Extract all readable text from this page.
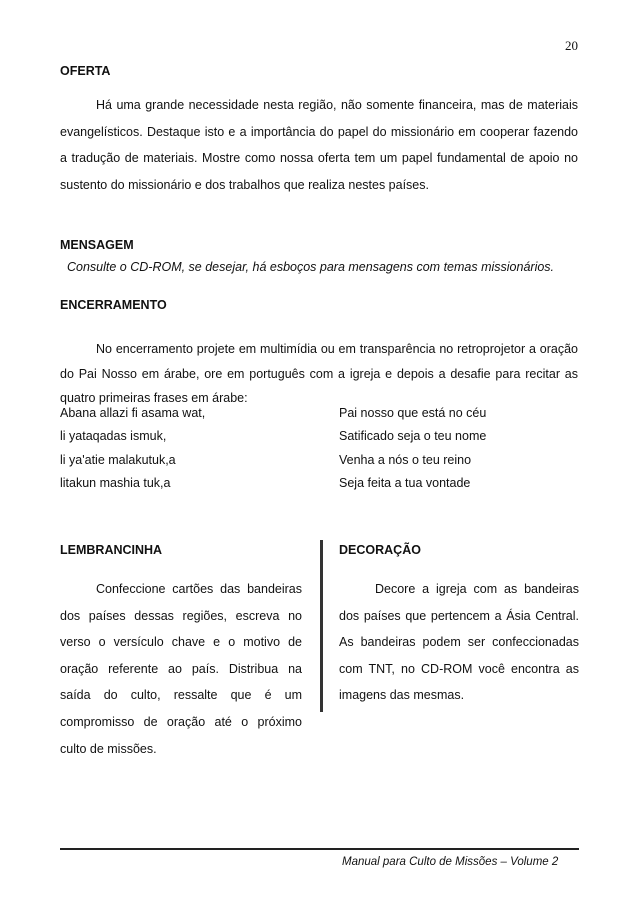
20
OFERTA
Há uma grande necessidade nesta região, não somente financeira, mas de materiais evangelísticos. Destaque isto e a importância do papel do missionário em cooperar fazendo a tradução de materiais. Mostre como nossa oferta tem um papel fundamental de apoio no sustento do missionário e dos trabalhos que realiza nestes países.
MENSAGEM
Consulte o CD-ROM, se desejar, há esboços para mensagens com temas missionários.
ENCERRAMENTO
No encerramento projete em multimídia ou em transparência no retroprojetor a oração do Pai Nosso em árabe, ore em português com a igreja e depois a desafie para recitar as quatro primeiras frases em árabe:
Abana allazi fi asama wat,	Pai nosso que está no céu
li yataqadas ismuk,	Satificado seja o teu nome
li ya'atie malakutuk,a	Venha a nós o teu reino
litakun mashia tuk,a	Seja feita a tua vontade
LEMBRANCINHA
Confeccione cartões das bandeiras dos países dessas regiões, escreva no verso o versículo chave e o motivo de oração referente ao país. Distribua na saída do culto, ressalte que é um compromisso de oração até o próximo culto de missões.
DECORAÇÃO
Decore a igreja com as bandeiras dos países que pertencem a Ásia Central. As bandeiras podem ser confeccionadas com TNT, no CD-ROM você encontra as imagens das mesmas.
Manual para Culto de Missões – Volume 2
